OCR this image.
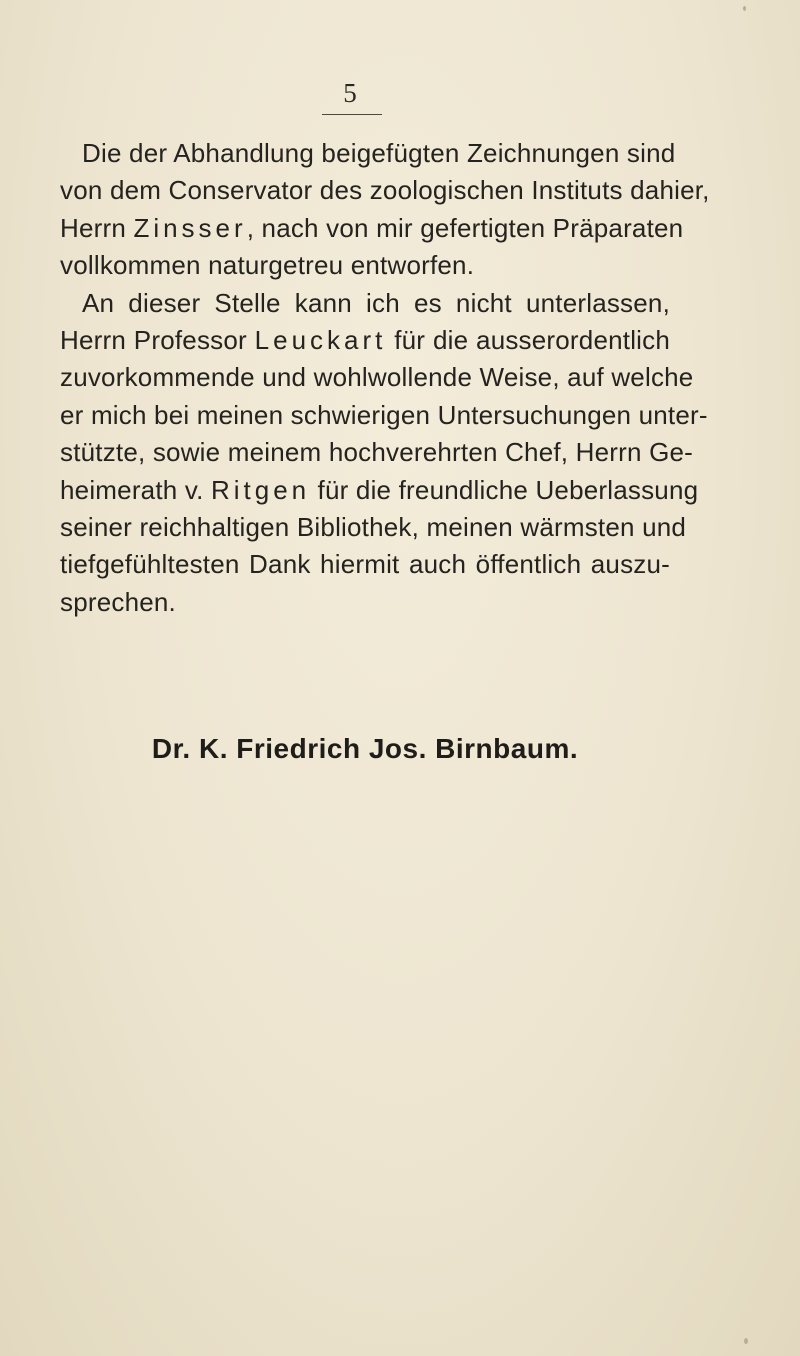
5
Die der Abhandlung beigefügten Zeichnungen sind
von dem Conservator des zoologischen Instituts dahier,
Herrn Zinsser, nach von mir gefertigten Präparaten
vollkommen naturgetreu entworfen.
An dieser Stelle kann ich es nicht unterlassen,
Herrn Professor Leuckart für die ausserordentlich
zuvorkommende und wohlwollende Weise, auf welche
er mich bei meinen schwierigen Untersuchungen unter-
stützte, sowie meinem hochverehrten Chef, Herrn Ge-
heimerath v. Ritgen für die freundliche Ueberlassung
seiner reichhaltigen Bibliothek, meinen wärmsten und
tiefgefühltesten Dank hiermit auch öffentlich auszu-
sprechen.
Dr. K. Friedrich Jos. Birnbaum.
